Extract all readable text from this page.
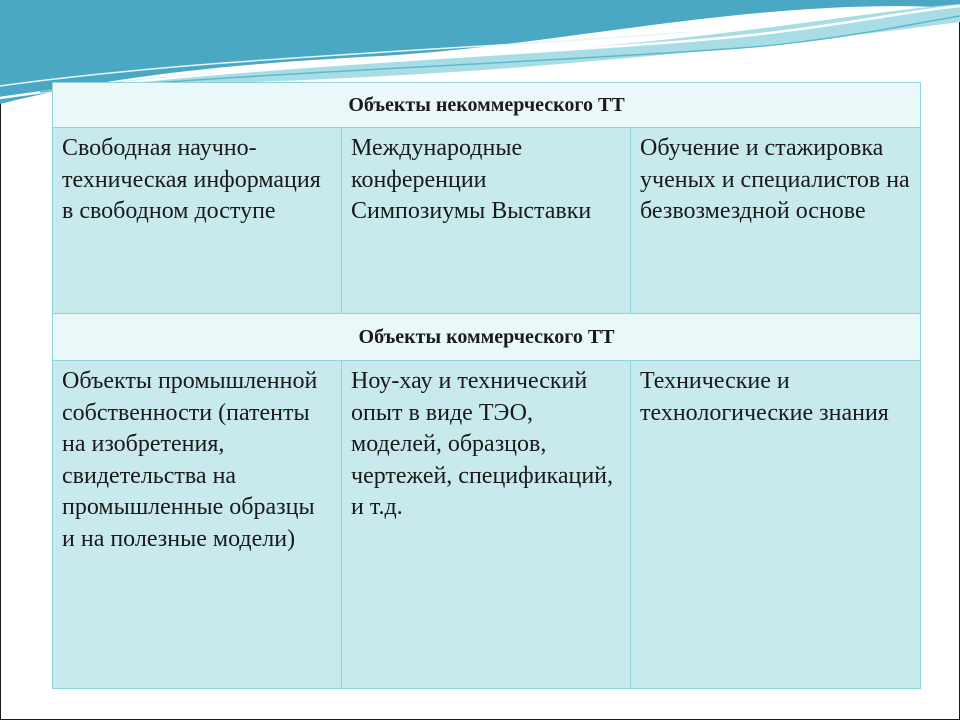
Объекты некоммерческого ТТ		
Свободная научно-техническая информация в свободном доступе	Международные конференции Симпозиумы Выставки	Обучение и стажировка ученых и специалистов на безвозмездной основе
Объекты коммерческого ТТ		
Объекты промышленной собственности (патенты на изобретения, свидетельства на промышленные образцы и на полезные модели)	Ноу-хау и технический опыт в виде ТЭО, моделей, образцов, чертежей, спецификаций, и т.д.	Технические и технологические знания
